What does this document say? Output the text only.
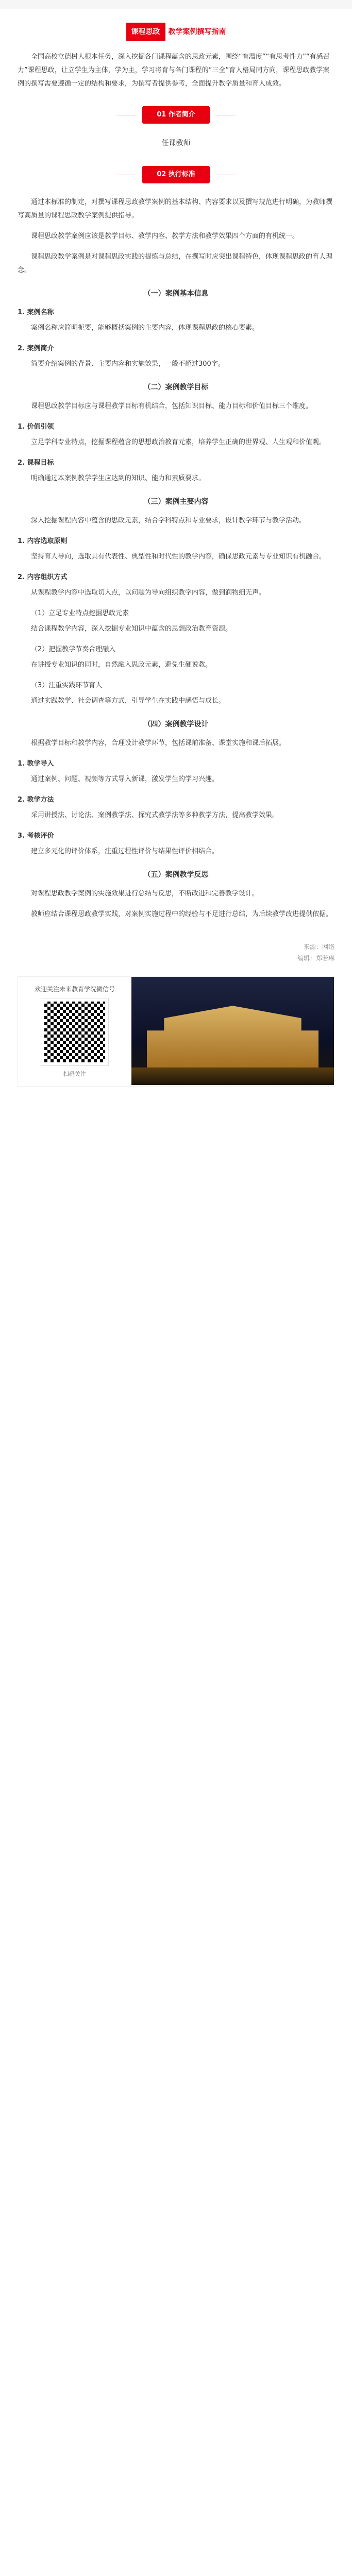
课程思政	教学案例撰写指南

全国高校立德树人根本任务，深入挖掘各门课程蕴含的思政元素，围绕“有温度”“有思考性力”“有感召力”课程思政，让立学生为主体，学为主，学习将育与各门课程的“三全”育人格局同方向，课程思政教学案例的撰写需要遵循一定的结构和要求，为撰写者提供参考，全面提升教学质量和育人成效。

01 作者简介

任课教师

02 执行标准

通过本标准的制定，对撰写课程思政教学案例的基本结构、内容要求以及撰写规范进行明确，为教师撰写高质量的课程思政教学案例提供指导。

课程思政教学案例应该是教学目标、教学内容、教学方法和教学效果四个方面的有机统一。

课程思政教学案例是对课程思政实践的提炼与总结，在撰写时应突出课程特色，体现课程思政的育人理念。

（一）案例基本信息

1. 案例名称

案例名称应简明扼要，能够概括案例的主要内容，体现课程思政的核心要素。

2. 案例简介

简要介绍案例的背景、主要内容和实施效果，一般不超过300字。

（二）案例教学目标

课程思政教学目标应与课程教学目标有机结合，包括知识目标、能力目标和价值目标三个维度。

1. 价值引领

立足学科专业特点，挖掘课程蕴含的思想政治教育元素，培养学生正确的世界观、人生观和价值观。

2. 课程目标

明确通过本案例教学学生应达到的知识、能力和素质要求。

（三）案例主要内容

深入挖掘课程内容中蕴含的思政元素，结合学科特点和专业要求，设计教学环节与教学活动。

1. 内容选取原则

坚持育人导向，选取具有代表性、典型性和时代性的教学内容，确保思政元素与专业知识有机融合。

2. 内容组织方式

从课程教学内容中选取切入点，以问题为导向组织教学内容，做到润物细无声。

（1）立足专业特点挖掘思政元素

结合课程教学内容，深入挖掘专业知识中蕴含的思想政治教育资源。

（2）把握教学节奏合理融入

在讲授专业知识的同时，自然融入思政元素，避免生硬说教。

（3）注重实践环节育人

通过实践教学、社会调查等方式，引导学生在实践中感悟与成长。

（四）案例教学设计

根据教学目标和教学内容，合理设计教学环节，包括课前准备、课堂实施和课后拓展。

1. 教学导入

通过案例、问题、视频等方式导入新课，激发学生的学习兴趣。

2. 教学方法

采用讲授法、讨论法、案例教学法、探究式教学法等多种教学方法，提高教学效果。

3. 考核评价

建立多元化的评价体系，注重过程性评价与结果性评价相结合。

（五）案例教学反思

对课程思政教学案例的实施效果进行总结与反思，不断改进和完善教学设计。

教师应结合课程思政教学实践，对案例实施过程中的经验与不足进行总结，为后续教学改进提供依据。

来源：网络
编辑：郑若琳
欢迎关注未来教育学院微信号
扫码关注
